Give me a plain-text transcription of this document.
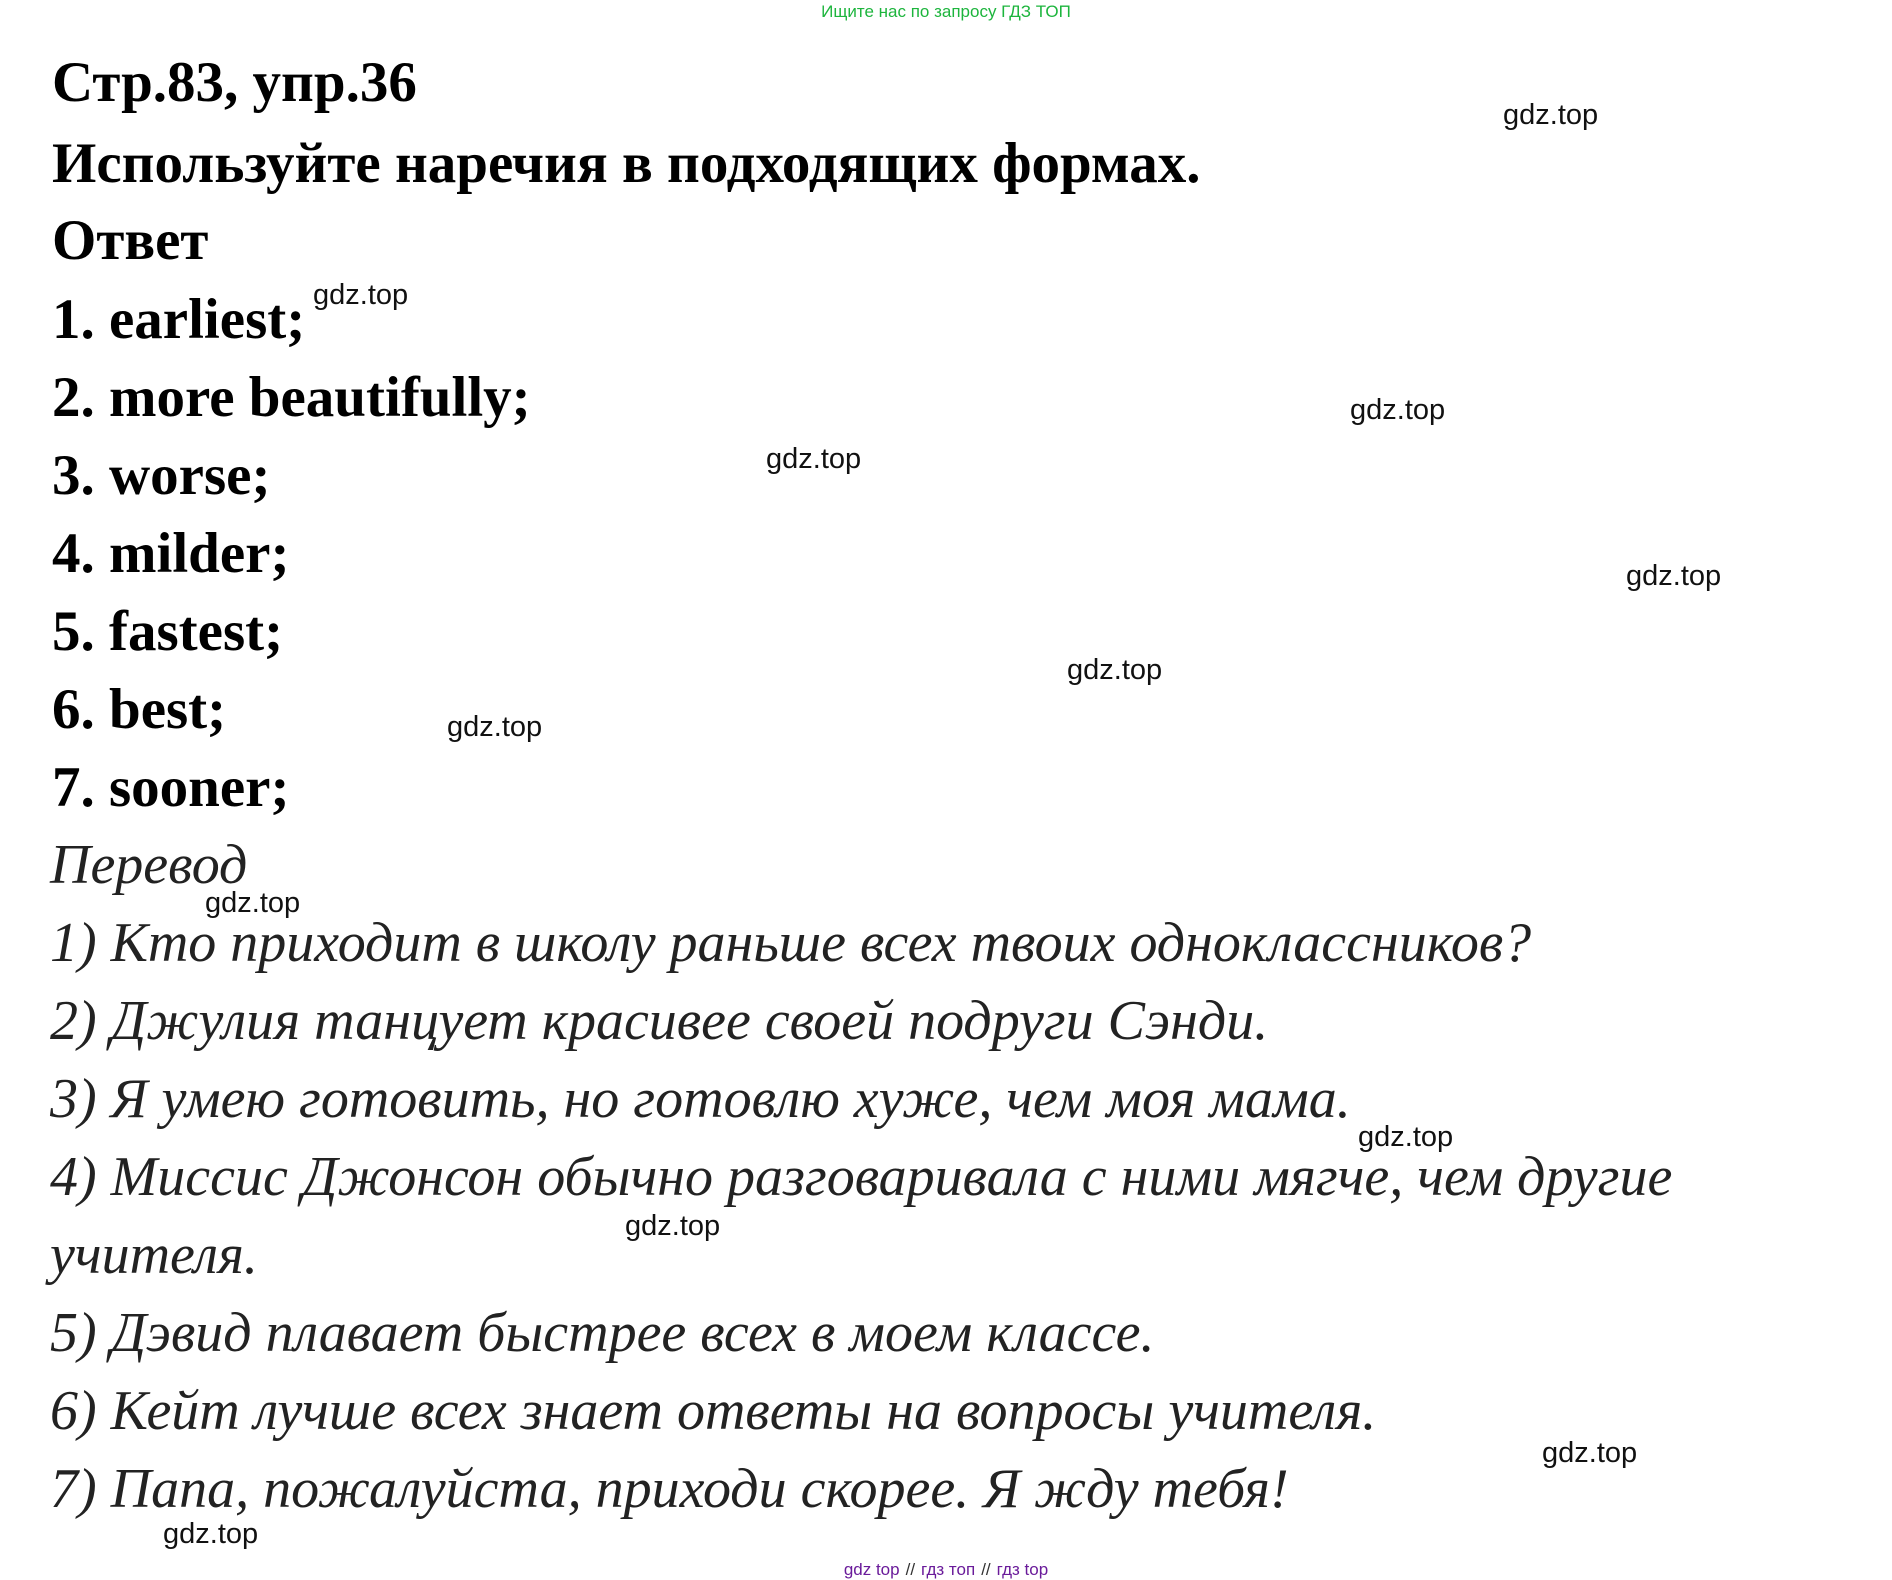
Ищите нас по запросу ГДЗ ТОП
Стр.83, упр.36
Используйте наречия в подходящих формах.
Ответ
1. earliest;
2. more beautifully;
3. worse;
4. milder;
5. fastest;
6. best;
7. sooner;
Перевод
1) Кто приходит в школу раньше всех твоих одноклассников?
2) Джулия танцует красивее своей подруги Сэнди.
3) Я умею готовить, но готовлю хуже, чем моя мама.
4) Миссис Джонсон обычно разговаривала с ними мягче, чем другие
учителя.
5) Дэвид плавает быстрее всех в моем классе.
6) Кейт лучше всех знает ответы на вопросы учителя.
7) Папа, пожалуйста, приходи скорее. Я жду тебя!
gdz.top
gdz.top
gdz.top
gdz.top
gdz.top
gdz.top
gdz.top
gdz.top
gdz.top
gdz.top
gdz.top
gdz.top
gdz top // гдз топ // гдз top
